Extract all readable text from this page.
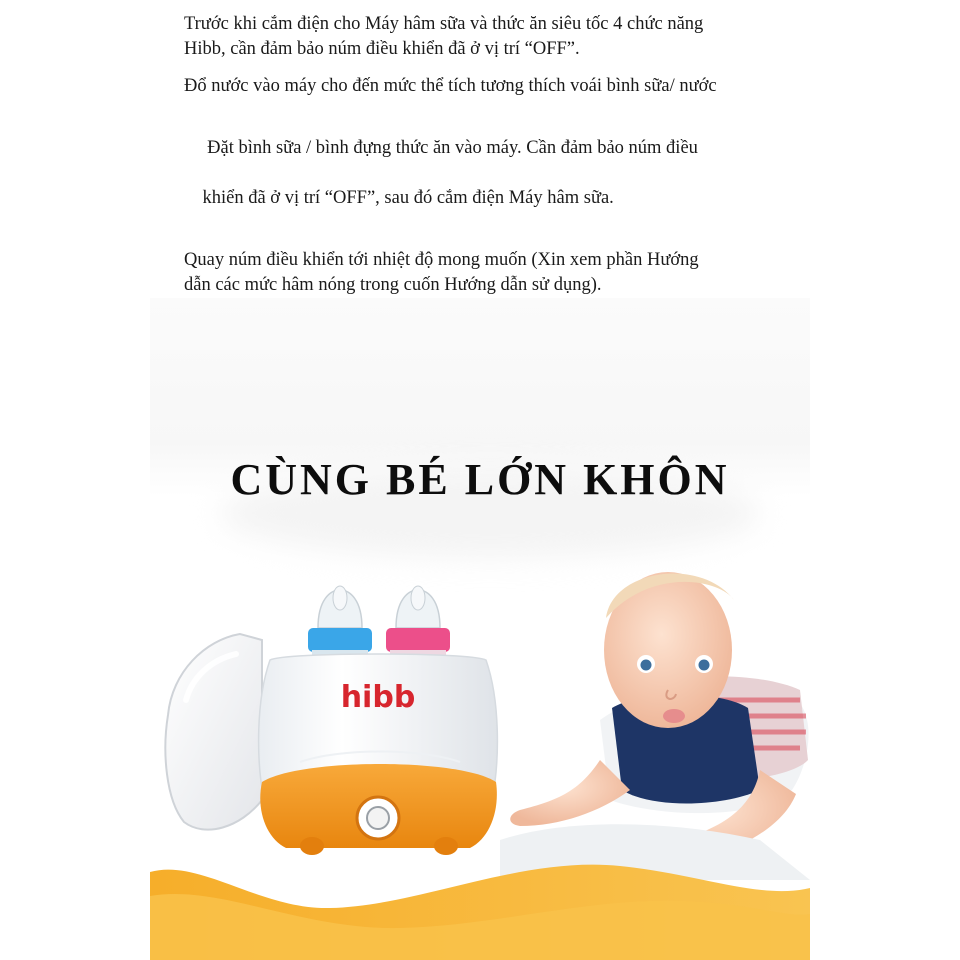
Trước khi cắm điện cho Máy hâm sữa và thức ăn siêu tốc 4 chức năng
Hibb, cần đảm bảo núm điều khiển đã ở vị trí “OFF”.

Đổ nước vào máy cho đến mức thể tích tương thích voái bình sữa/ nước

Đặt bình sữa / bình đựng thức ăn vào máy. Cần đảm bảo núm điều

khiển đã ở vị trí “OFF”, sau đó cắm điện Máy hâm sữa.

Quay núm điều khiển tới nhiệt độ mong muốn (Xin xem phần Hướng
dẫn các mức hâm nóng trong cuốn Hướng dẫn sử dụng).

hibb
CÙNG BÉ LỚN KHÔN
